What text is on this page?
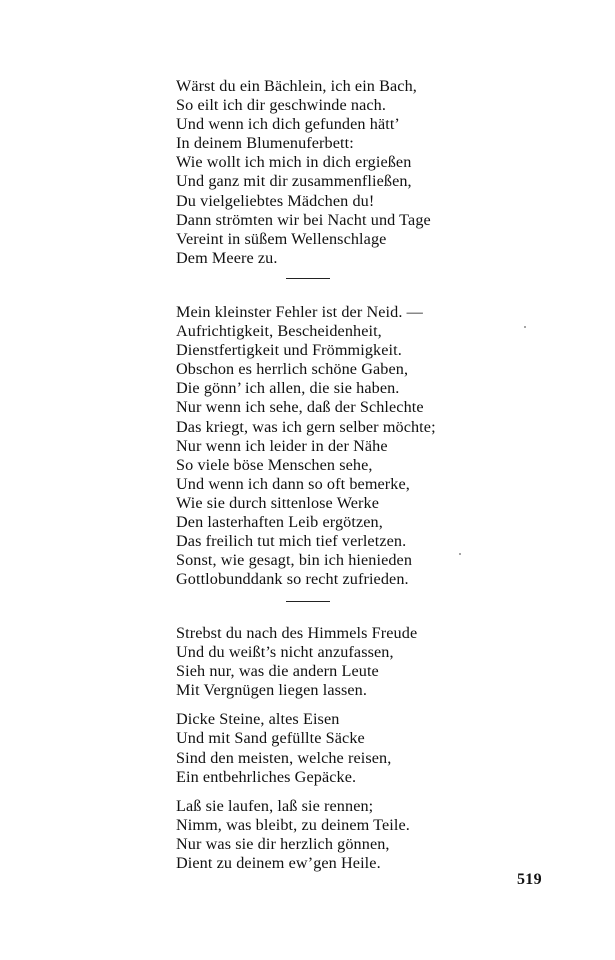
Wärst du ein Bächlein, ich ein Bach,
So eilt ich dir geschwinde nach.
Und wenn ich dich gefunden hätt’
In deinem Blumenuferbett:
Wie wollt ich mich in dich ergießen
Und ganz mit dir zusammenfließen,
Du vielgeliebtes Mädchen du!
Dann strömten wir bei Nacht und Tage
Vereint in süßem Wellenschlage
Dem Meere zu.
Mein kleinster Fehler ist der Neid. —
Aufrichtigkeit, Bescheidenheit,
Dienstfertigkeit und Frömmigkeit.
Obschon es herrlich schöne Gaben,
Die gönn’ ich allen, die sie haben.
Nur wenn ich sehe, daß der Schlechte
Das kriegt, was ich gern selber möchte;
Nur wenn ich leider in der Nähe
So viele böse Menschen sehe,
Und wenn ich dann so oft bemerke,
Wie sie durch sittenlose Werke
Den lasterhaften Leib ergötzen,
Das freilich tut mich tief verletzen.
Sonst, wie gesagt, bin ich hienieden
Gottlobunddank so recht zufrieden.
Strebst du nach des Himmels Freude
Und du weißt’s nicht anzufassen,
Sieh nur, was die andern Leute
Mit Vergnügen liegen lassen.
Dicke Steine, altes Eisen
Und mit Sand gefüllte Säcke
Sind den meisten, welche reisen,
Ein entbehrliches Gepäcke.
Laß sie laufen, laß sie rennen;
Nimm, was bleibt, zu deinem Teile.
Nur was sie dir herzlich gönnen,
Dient zu deinem ew’gen Heile.
519
